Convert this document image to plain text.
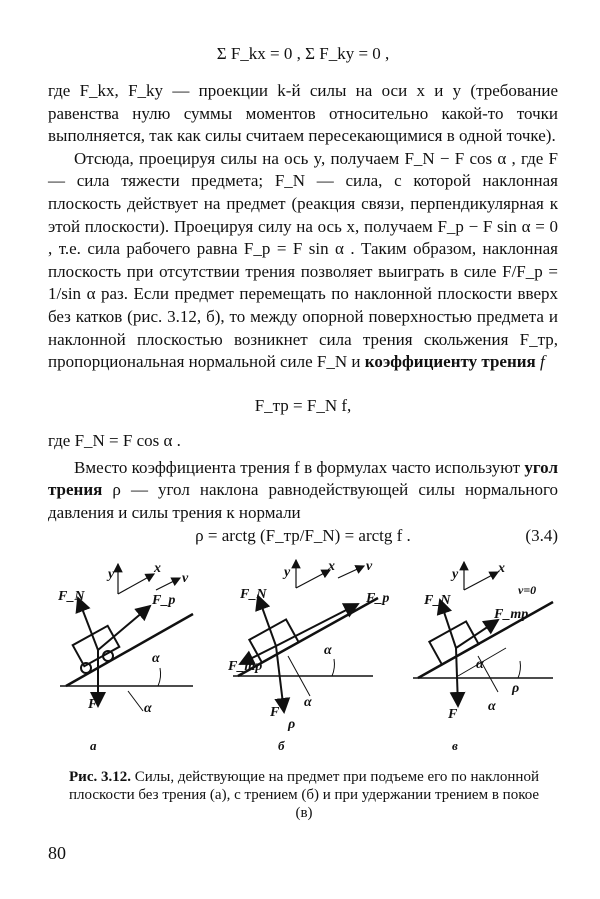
Σ F_kx = 0 , Σ F_ky = 0 ,

где F_kx, F_ky — проекции k-й силы на оси x и y (требование равенства нулю суммы моментов относительно какой-то точки выполняется, так как силы считаем пересекающимися в одной точке).

Отсюда, проецируя силы на ось y, получаем F_N − F cos α , где F — сила тяжести предмета; F_N — сила, с которой наклонная плоскость действует на предмет (реакция связи, перпендикулярная к этой плоскости). Проецируя силу на ось x, получаем F_р − F sin α = 0 , т.е. сила рабочего равна F_р = F sin α . Таким образом, наклонная плоскость при отсутствии трения позволяет выиграть в силе F/F_р = 1/sin α раз. Если предмет перемещать по наклонной плоскости вверх без катков (рис. 3.12, б), то между опорной поверхностью предмета и наклонной плоскостью возникнет сила трения скольжения F_тр, пропорциональная нормальной силе F_N и коэффициенту трения f

F_тр = F_N f,

где F_N = F cos α .

Вместо коэффициента трения f в формулах часто используют угол трения ρ — угол наклона равнодействующей силы нормального давления и силы трения к нормали

ρ = arctg (F_тр/F_N) = arctg f .	(3.4)
F_N	F_р
F
y	x
v
α
α
F_N	F_р
F_тр
F
y	x v
α
α
ρ
F_N
F_тр
F
y	x
v=0
α
α
ρ
а	б	в
Рис. 3.12. Силы, действующие на предмет при подъеме его по наклонной плоскости без трения (а), с трением (б) и при удержании трением в покое (в)
80
